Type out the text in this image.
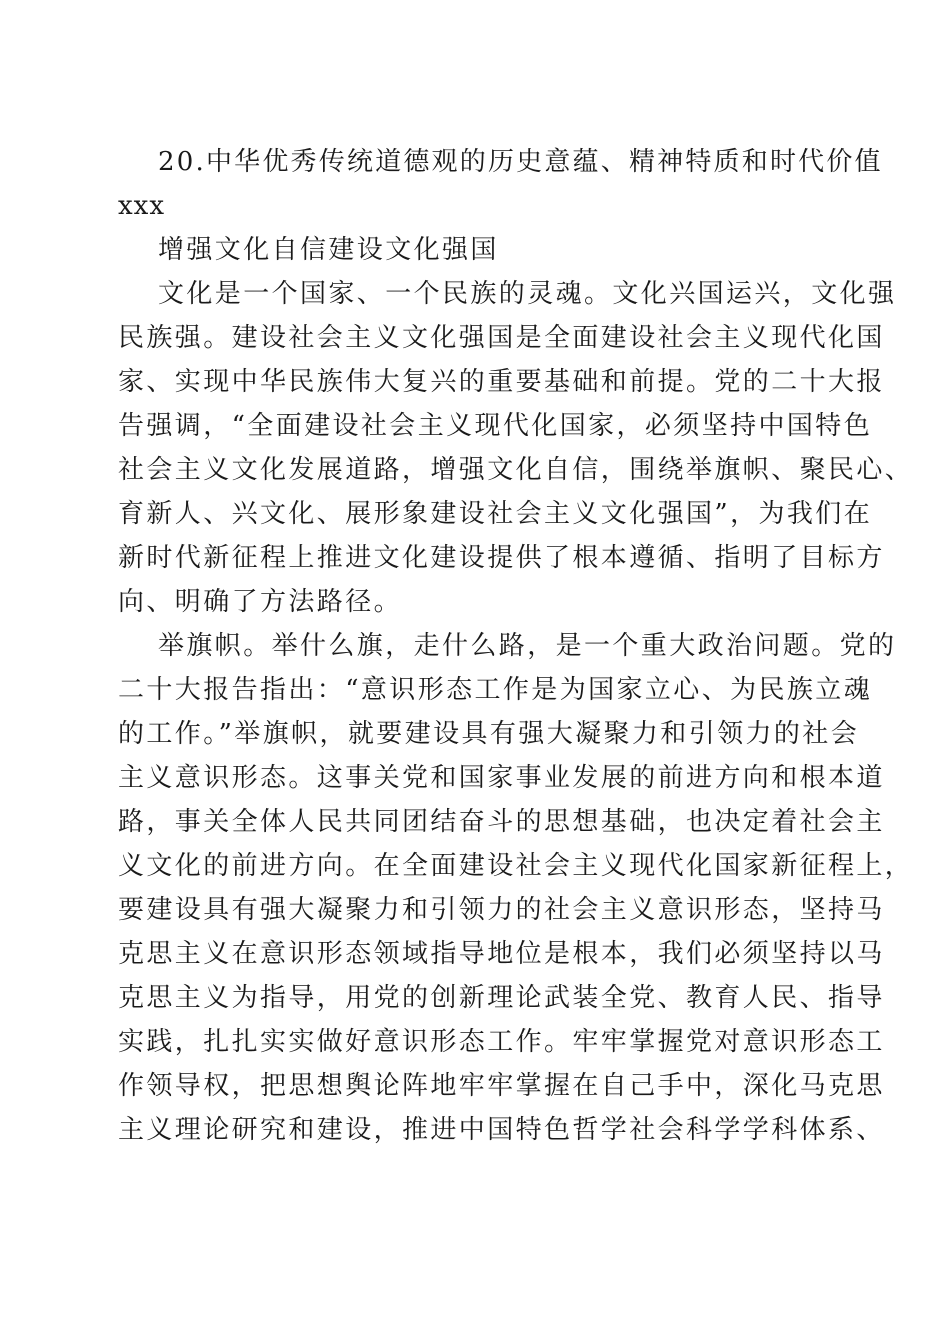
20.中华优秀传统道德观的历史意蕴、精神特质和时代价值
xxx
增强文化自信建设文化强国
文化是一个国家、一个民族的灵魂。文化兴国运兴，文化强
民族强。建设社会主义文化强国是全面建设社会主义现代化国
家、实现中华民族伟大复兴的重要基础和前提。党的二十大报
告强调，“全面建设社会主义现代化国家，必须坚持中国特色
社会主义文化发展道路，增强文化自信，围绕举旗帜、聚民心、
育新人、兴文化、展形象建设社会主义文化强国”，为我们在
新时代新征程上推进文化建设提供了根本遵循、指明了目标方
向、明确了方法路径。
举旗帜。举什么旗，走什么路，是一个重大政治问题。党的
二十大报告指出：“意识形态工作是为国家立心、为民族立魂
的工作。”举旗帜，就要建设具有强大凝聚力和引领力的社会
主义意识形态。这事关党和国家事业发展的前进方向和根本道
路，事关全体人民共同团结奋斗的思想基础，也决定着社会主
义文化的前进方向。在全面建设社会主义现代化国家新征程上，
要建设具有强大凝聚力和引领力的社会主义意识形态，坚持马
克思主义在意识形态领域指导地位是根本，我们必须坚持以马
克思主义为指导，用党的创新理论武装全党、教育人民、指导
实践，扎扎实实做好意识形态工作。牢牢掌握党对意识形态工
作领导权，把思想舆论阵地牢牢掌握在自己手中，深化马克思
主义理论研究和建设，推进中国特色哲学社会科学学科体系、
